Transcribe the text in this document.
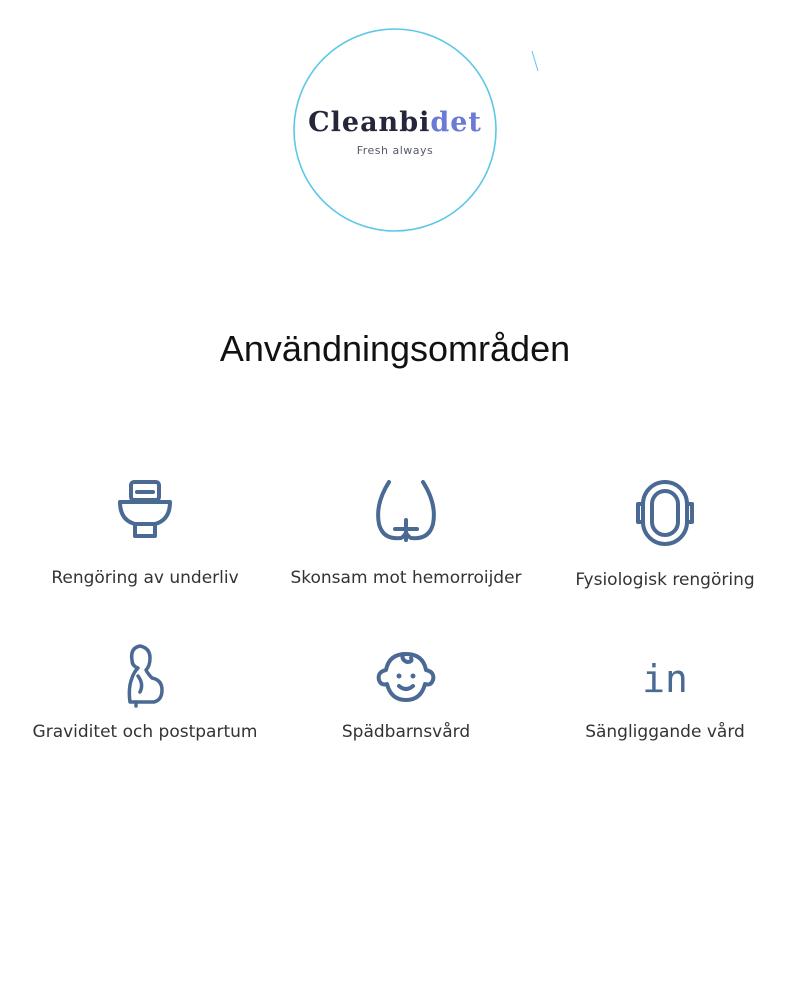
Cleanbidet
Fresh always
Användningsområden
Rengöring av underliv	Skonsam mot hemorroijder	Fysiologisk rengöring
Graviditet och postpartum	Spädbarnsvård
in
Sängliggande vård
